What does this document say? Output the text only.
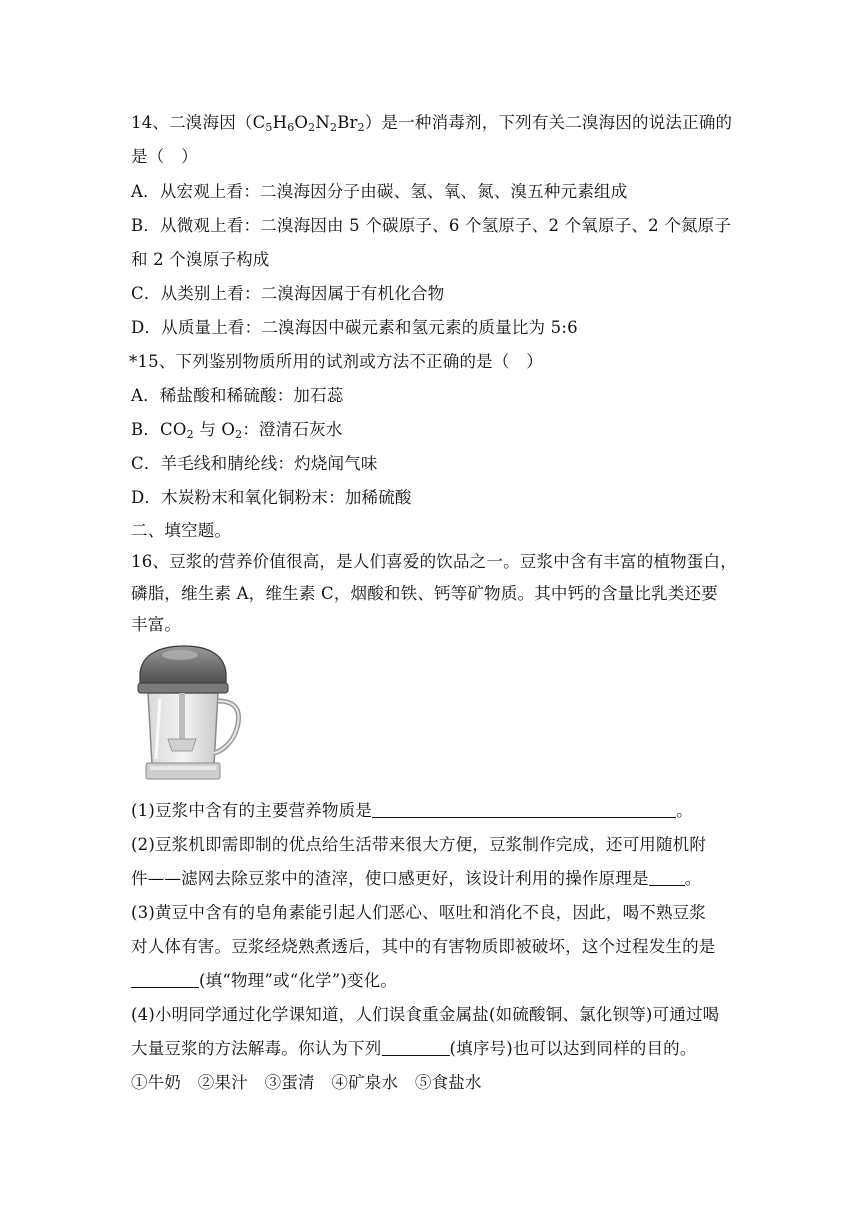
14、二溴海因$(C_5H_6O_2N_2Br_2)$是一种消毒剂，下列有关二溴海因的说法正确的
是（　）
A．从宏观上看：二溴海因分子由碳、氢、氧、氮、溴五种元素组成
B．从微观上看：二溴海因由 5 个碳原子、6 个氢原子、2 个氧原子、2 个氮原子
和 2 个溴原子构成
C．从类别上看：二溴海因属于有机化合物
D．从质量上看：二溴海因中碳元素和氢元素的质量比为 5:6
*15、下列鉴别物质所用的试剂或方法不正确的是（　）
A．稀盐酸和稀硫酸：加石蕊
B．$CO_2$ 与 $O_2$：澄清石灰水
C．羊毛线和腈纶线：灼烧闻气味
D．木炭粉末和氧化铜粉末：加稀硫酸
二、填空题。
16、豆浆的营养价值很高，是人们喜爱的饮品之一。豆浆中含有丰富的植物蛋白，
磷脂，维生素 A，维生素 C，烟酸和铁、钙等矿物质。其中钙的含量比乳类还要
丰富。
(1)豆浆中含有的主要营养物质是	。
(2)豆浆机即需即制的优点给生活带来很大方便，豆浆制作完成，还可用随机附
件——滤网去除豆浆中的渣滓，使口感更好，该设计利用的操作原理是 。
(3)黄豆中含有的皂角素能引起人们恶心、呕吐和消化不良，因此，喝不熟豆浆
对人体有害。豆浆经烧熟煮透后，其中的有害物质即被破坏，这个过程发生的是
(填“物理”或“化学”)变化。
(4)小明同学通过化学课知道，人们误食重金属盐(如硫酸铜、氯化钡等)可通过喝
大量豆浆的方法解毒。你认为下列	(填序号)也可以达到同样的目的。
①牛奶　②果汁　③蛋清　④矿泉水　⑤食盐水
